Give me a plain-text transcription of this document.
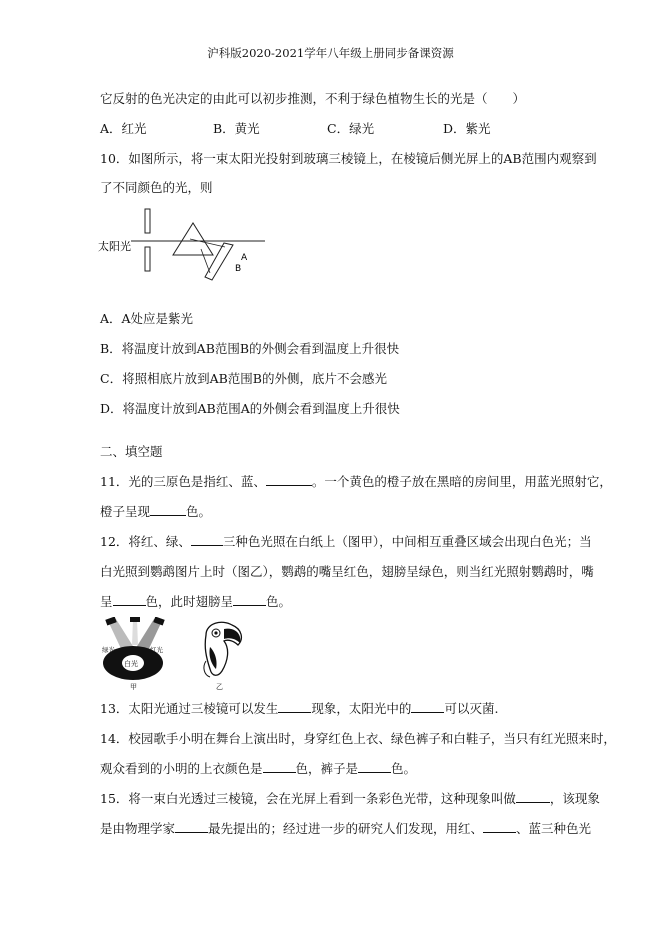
沪科版2020-2021学年八年级上册同步备课资源
它反射的色光决定的由此可以初步推测，不利于绿色植物生长的光是（　　）
A．红光	B．黄光	C．绿光	D．紫光
10．如图所示，将一束太阳光投射到玻璃三棱镜上，在棱镜后侧光屏上的AB范围内观察到
了不同颜色的光，则
太阳光
A
B
A．A处应是紫光
B．将温度计放到AB范围B的外侧会看到温度上升很快
C．将照相底片放到AB范围B的外侧，底片不会感光
D．将温度计放到AB范围A的外侧会看到温度上升很快
二、填空题
11．光的三原色是指红、蓝、	。一个黄色的橙子放在黑暗的房间里，用蓝光照射它，
橙子呈现	色。
12．将红、绿、	三种色光照在白纸上（图甲），中间相互重叠区域会出现白色光；当
白光照到鹦鹉图片上时（图乙），鹦鹉的嘴呈红色，翅膀呈绿色，则当红光照射鹦鹉时，嘴
呈	色，此时翅膀呈	色。
绿光	红光
白光
甲	乙
13．太阳光通过三棱镜可以发生	现象，太阳光中的	可以灭菌.
14．校园歌手小明在舞台上演出时，身穿红色上衣、绿色裤子和白鞋子，当只有红光照来时，
观众看到的小明的上衣颜色是	色，裤子是	色。
15．将一束白光透过三棱镜，会在光屏上看到一条彩色光带，这种现象叫做	，该现象
是由物理学家	最先提出的；经过进一步的研究人们发现，用红、	、蓝三种色光
